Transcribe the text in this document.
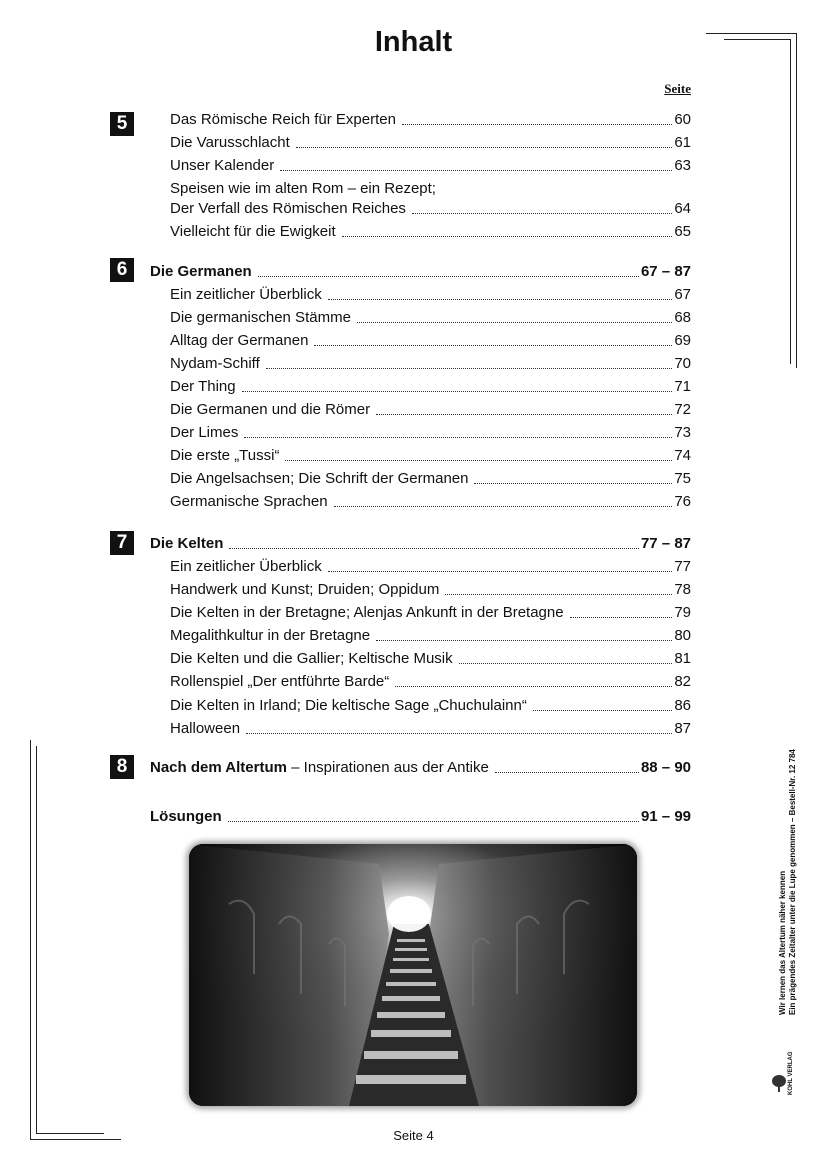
Inhalt
Seite
5	Das Römische Reich für Experten	60
Die Varusschlacht	61
Unser Kalender	63
Speisen wie im alten Rom – ein Rezept;
Der Verfall des Römischen Reiches	64
Vielleicht für die Ewigkeit	65
6	Die Germanen	67 – 87
Ein zeitlicher Überblick	67
Die germanischen Stämme	68
Alltag der Germanen	69
Nydam-Schiff	70
Der Thing	71
Die Germanen und die Römer	72
Der Limes	73
Die erste „Tussi“	74
Die Angelsachsen; Die Schrift der Germanen	75
Germanische Sprachen	76
7	Die Kelten	77 – 87
Ein zeitlicher Überblick	77
Handwerk und Kunst; Druiden; Oppidum	78
Die Kelten in der Bretagne; Alenjas Ankunft in der Bretagne	79
Megalithkultur in der Bretagne	80
Die Kelten und die Gallier; Keltische Musik	81
Rollenspiel „Der entführte Barde“	82
Die Kelten in Irland; Die keltische Sage „Chuchulainn“	86
Halloween	87
8	Nach dem Altertum – Inspirationen aus der Antike	88 – 90
Lösungen	91 – 99
Wir lernen das Altertum näher kennen Ein prägendes Zeitalter unter die Lupe genommen – Bestell-Nr. 12 784
KOHL VERLAG
Seite 4
